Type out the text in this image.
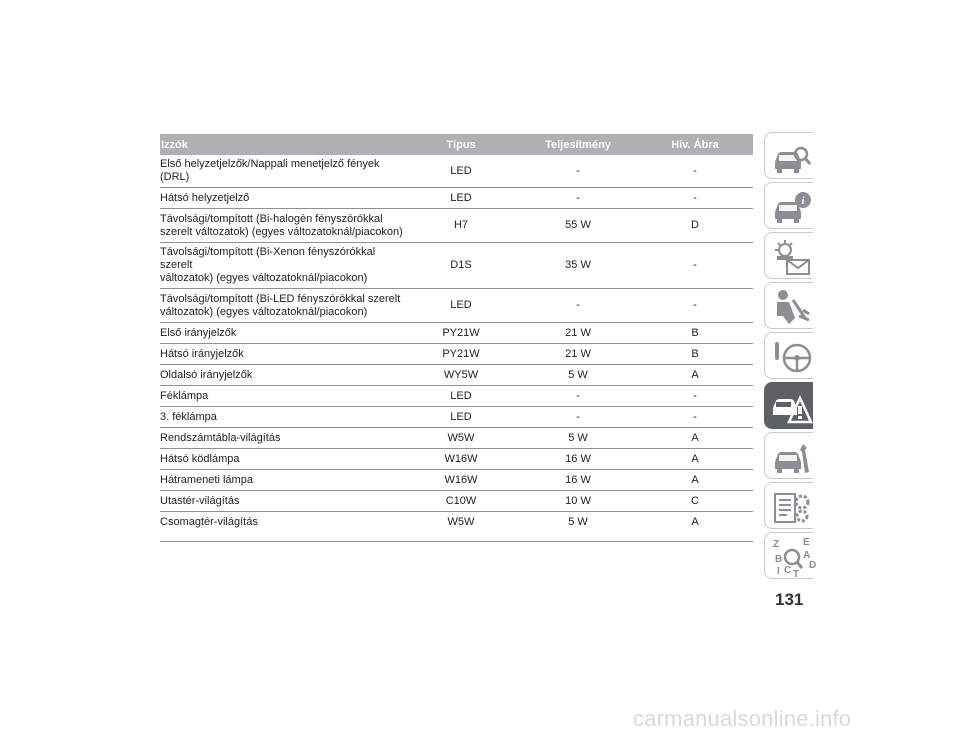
Izzók	Típus	Teljesítmény	Hiv. Ábra
Első helyzetjelzők/Nappali menetjelző fények (DRL)	LED	-	-
Hátsó helyzetjelző	LED	-	-
Távolsági/tompított (Bi-halogén fényszórókkal
szerelt változatok) (egyes változatoknál/piacokon)	H7	55 W	D
Távolsági/tompított (Bi-Xenon fényszórókkal szerelt
változatok) (egyes változatoknál/piacokon)	D1S	35 W	-
Távolsági/tompított (Bi-LED fényszórókkal szerelt
változatok) (egyes változatoknál/piacokon)	LED	-	-
Első irányjelzők	PY21W	21 W	B
Hátsó irányjelzők	PY21W	21 W	B
Oldalsó irányjelzők	WY5W	5 W	A
Féklámpa	LED	-	-
3. féklámpa	LED	-	-
Rendszámtábla-világítás	W5W	5 W	A
Hátsó ködlámpa	W16W	16 W	A
Hátrameneti lámpa	W16W	16 W	A
Utastér-világítás	C10W	10 W	C
Csomagtér-világítás	W5W	5 W	A
i
Z E
B A
I C T
D
131
carmanualsonline.info
